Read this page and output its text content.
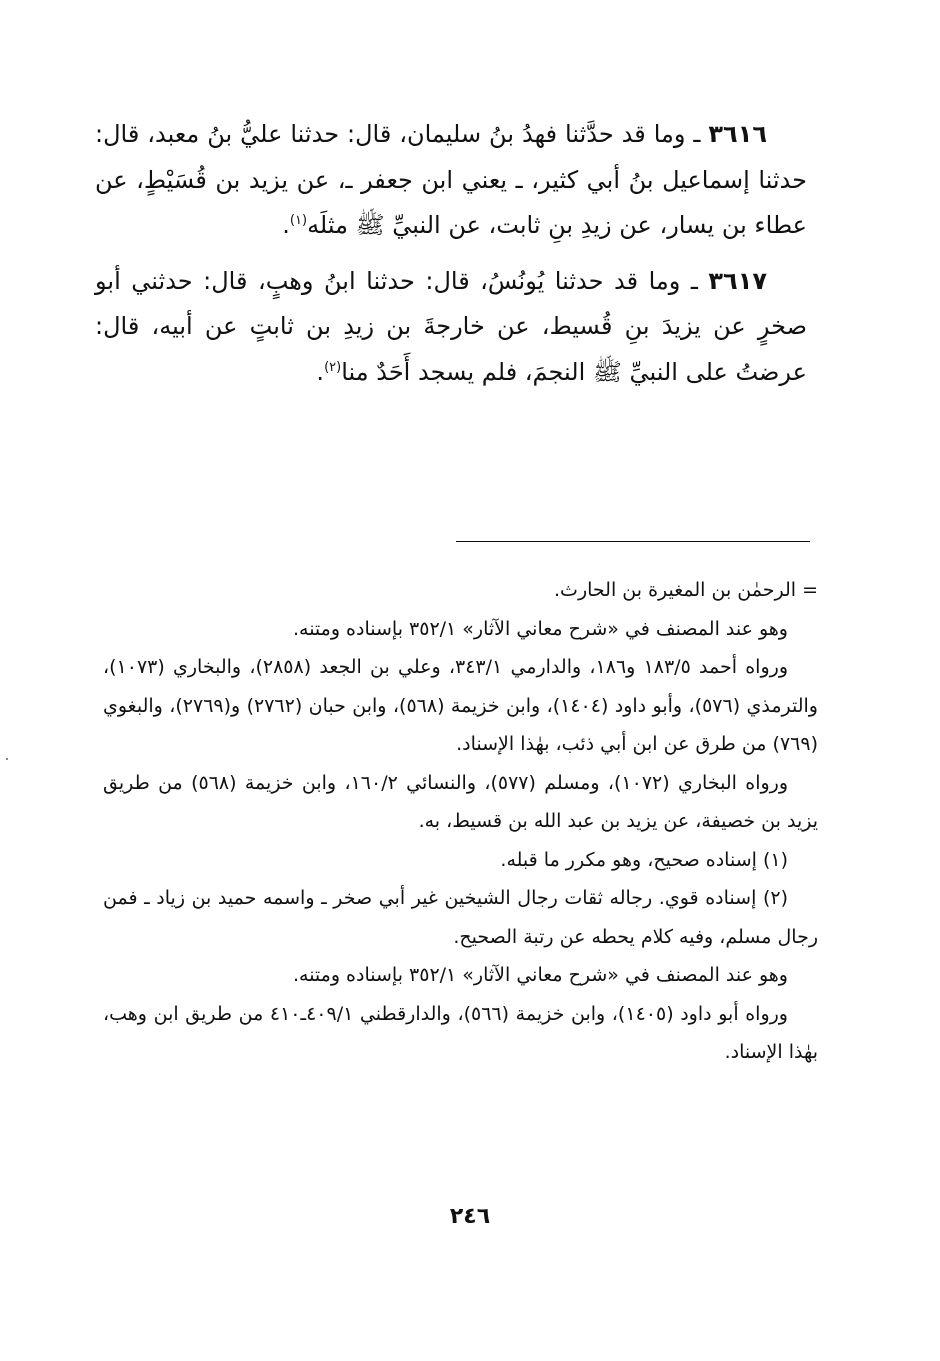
٣٦١٦ ـ وما قد حدَّثنا فهدُ بنُ سليمان، قال: حدثنا عليُّ بنُ معبد، قال: حدثنا إسماعيل بنُ أبي كثير، ـ يعني ابن جعفر ـ، عن يزيد بن قُسَيْطٍ، عن عطاء بن يسار، عن زيدِ بنِ ثابت، عن النبيِّ ﷺ مثلَه$^{(١)}$.

٣٦١٧ ـ وما قد حدثنا يُونُسُ، قال: حدثنا ابنُ وهبٍ، قال: حدثني أبو صخرٍ عن يزيدَ بنِ قُسيط، عن خارجةَ بن زيدِ بن ثابتٍ عن أبيه، قال: عرضتُ على النبيِّ ﷺ النجمَ، فلم يسجد أَحَدٌ منا$^{(٢)}$.

= الرحمٰن بن المغيرة بن الحارث.

وهو عند المصنف في «شرح معاني الآثار» ٣٥٢/١ بإسناده ومتنه.

ورواه أحمد ١٨٣/٥ و١٨٦، والدارمي ٣٤٣/١، وعلي بن الجعد (٢٨٥٨)، والبخاري (١٠٧٣)، والترمذي (٥٧٦)، وأبو داود (١٤٠٤)، وابن خزيمة (٥٦٨)، وابن حبان (٢٧٦٢) و(٢٧٦٩)، والبغوي (٧٦٩) من طرق عن ابن أبي ذئب، بهٰذا الإسناد.

ورواه البخاري (١٠٧٢)، ومسلم (٥٧٧)، والنسائي ١٦٠/٢، وابن خزيمة (٥٦٨) من طريق يزيد بن خصيفة، عن يزيد بن عبد الله بن قسيط، به.

(١) إسناده صحيح، وهو مكرر ما قبله.

(٢) إسناده قوي. رجاله ثقات رجال الشيخين غير أبي صخر ـ واسمه حميد بن زياد ـ فمن رجال مسلم، وفيه كلام يحطه عن رتبة الصحيح.

وهو عند المصنف في «شرح معاني الآثار» ٣٥٢/١ بإسناده ومتنه.

ورواه أبو داود (١٤٠٥)، وابن خزيمة (٥٦٦)، والدارقطني ٤٠٩/١ـ٤١٠ من طريق ابن وهب، بهٰذا الإسناد.

٢٤٦
